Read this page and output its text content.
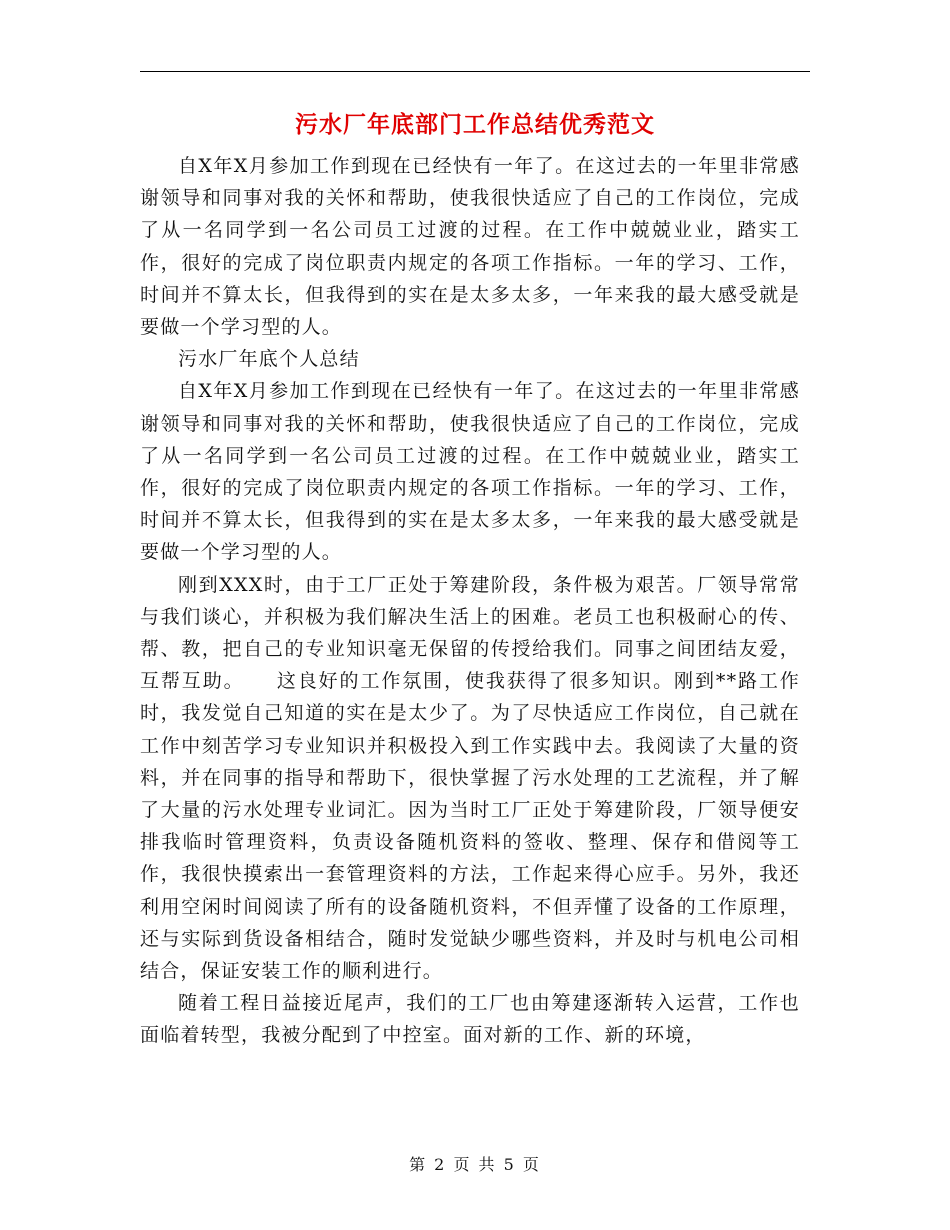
污水厂年底部门工作总结优秀范文

自X年X月参加工作到现在已经快有一年了。在这过去的一年里非常感谢领导和同事对我的关怀和帮助，使我很快适应了自己的工作岗位，完成了从一名同学到一名公司员工过渡的过程。在工作中兢兢业业，踏实工作，很好的完成了岗位职责内规定的各项工作指标。一年的学习、工作，时间并不算太长，但我得到的实在是太多太多，一年来我的最大感受就是要做一个学习型的人。

污水厂年底个人总结

自X年X月参加工作到现在已经快有一年了。在这过去的一年里非常感谢领导和同事对我的关怀和帮助，使我很快适应了自己的工作岗位，完成了从一名同学到一名公司员工过渡的过程。在工作中兢兢业业，踏实工作，很好的完成了岗位职责内规定的各项工作指标。一年的学习、工作，时间并不算太长，但我得到的实在是太多太多，一年来我的最大感受就是要做一个学习型的人。

刚到XXX时，由于工厂正处于筹建阶段，条件极为艰苦。厂领导常常与我们谈心，并积极为我们解决生活上的困难。老员工也积极耐心的传、帮、教，把自己的专业知识毫无保留的传授给我们。同事之间团结友爱，互帮互助。　　这良好的工作氛围，使我获得了很多知识。刚到**路工作时，我发觉自己知道的实在是太少了。为了尽快适应工作岗位，自己就在工作中刻苦学习专业知识并积极投入到工作实践中去。我阅读了大量的资料，并在同事的指导和帮助下，很快掌握了污水处理的工艺流程，并了解了大量的污水处理专业词汇。因为当时工厂正处于筹建阶段，厂领导便安排我临时管理资料，负责设备随机资料的签收、整理、保存和借阅等工作，我很快摸索出一套管理资料的方法，工作起来得心应手。另外，我还利用空闲时间阅读了所有的设备随机资料，不但弄懂了设备的工作原理，还与实际到货设备相结合，随时发觉缺少哪些资料，并及时与机电公司相结合，保证安装工作的顺利进行。

随着工程日益接近尾声，我们的工厂也由筹建逐渐转入运营，工作也面临着转型，我被分配到了中控室。面对新的工作、新的环境，

第 2 页 共 5 页
